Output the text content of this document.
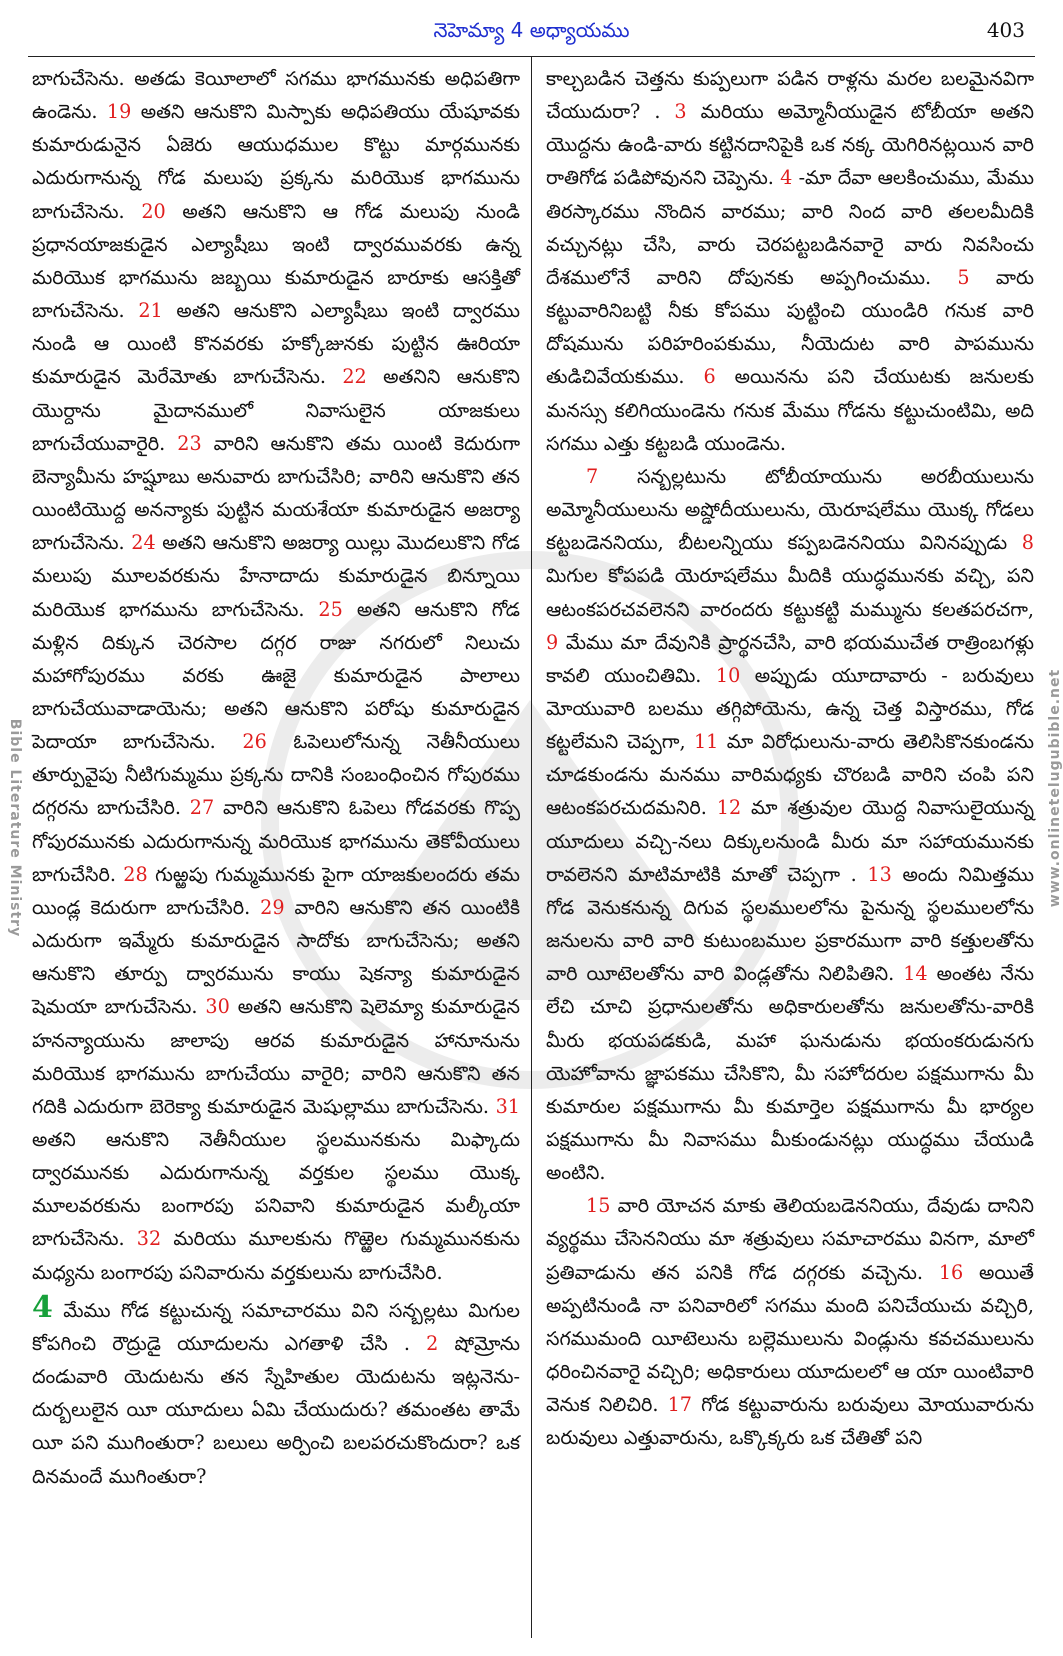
నెహెమ్యా 4 అధ్యాయము	403
Bible Literature Ministry	www.onlinetelugubible.net

బాగుచేసెను. అతడు కెయీలాలో సగము భాగమునకు అధిపతిగా ఉండెను. 19 అతని ఆనుకొని మిస్పాకు అధిపతియు యేషూవకు కుమారుడునైన ఏజెరు ఆయుధముల కొట్టు మార్గమునకు ఎదురుగానున్న గోడ మలుపు ప్రక్కను మరియొక భాగమును బాగుచేసెను. 20 అతని ఆనుకొని ఆ గోడ మలుపు నుండి ప్రధానయాజకుడైన ఎల్యాషీబు ఇంటి ద్వారమువరకు ఉన్న మరియొక భాగమును జబ్బయి కుమారుడైన బారూకు ఆసక్తితో బాగుచేసెను. 21 అతని ఆనుకొని ఎల్యాషీబు ఇంటి ద్వారము నుండి ఆ యింటి కొనవరకు హక్కోజునకు పుట్టిన ఊరియా కుమారుడైన మెరేమోతు బాగుచేసెను. 22 అతనిని ఆనుకొని యొర్దాను మైదానములో నివాసులైన యాజకులు బాగుచేయువారైరి. 23 వారిని ఆనుకొని తమ యింటి కెదురుగా బెన్యామీను హష్షూబు అనువారు బాగుచేసిరి; వారిని ఆనుకొని తన యింటియొద్ద అనన్యాకు పుట్టిన మయశేయా కుమారుడైన అజర్యా బాగుచేసెను. 24 అతని ఆనుకొని అజర్యా యిల్లు మొదలుకొని గోడ మలుపు మూలవరకును హేనాదాదు కుమారుడైన బిన్నూయి మరియొక భాగమును బాగుచేసెను. 25 అతని ఆనుకొని గోడ మళ్లిన దిక్కున చెరసాల దగ్గర రాజు నగరులో నిలుచు మహాగోపురము వరకు ఊజై కుమారుడైన పాలాలు బాగుచేయువాడాయెను; అతని ఆనుకొని పరోషు కుమారుడైన పెదాయా బాగుచేసెను. 26 ఓపెలులోనున్న నెతీనీయులు తూర్పువైపు నీటిగుమ్మము ప్రక్కను దానికి సంబంధించిన గోపురము దగ్గరను బాగుచేసిరి. 27 వారిని ఆనుకొని ఓపెలు గోడవరకు గొప్ప గోపురమునకు ఎదురుగానున్న మరియొక భాగమును తెకోవీయులు బాగుచేసిరి. 28 గుఱ్ఱపు గుమ్మమునకు పైగా యాజకులందరు తమ యిండ్ల కెదురుగా బాగుచేసిరి. 29 వారిని ఆనుకొని తన యింటికి ఎదురుగా ఇమ్మేరు కుమారుడైన సాదోకు బాగుచేసెను; అతని ఆనుకొని తూర్పు ద్వారమును కాయు షెకన్యా కుమారుడైన షెమయా బాగుచేసెను. 30 అతని ఆనుకొని షెలెమ్యా కుమారుడైన హనన్యాయును జాలాపు ఆరవ కుమారుడైన హానూనును మరియొక భాగమును బాగుచేయు వారైరి; వారిని ఆనుకొని తన గదికి ఎదురుగా బెరెక్యా కుమారుడైన మెషుల్లాము బాగుచేసెను. 31 అతని ఆనుకొని నెతీనీయుల స్థలమునకును మిఫ్కాదు ద్వారమునకు ఎదురుగానున్న వర్తకుల స్థలము యొక్క మూలవరకును బంగారపు పనివాని కుమారుడైన మల్కీయా బాగుచేసెను. 32 మరియు మూలకును గొఱ్ఱెల గుమ్మమునకును మధ్యను బంగారపు పనివారును వర్తకులును బాగుచేసిరి.

4 మేము గోడ కట్టుచున్న సమాచారము విని సన్బల్లటు మిగుల కోపగించి రౌద్రుడై యూదులను ఎగతాళి చేసి . 2 షోమ్రోను దండువారి యెదుటను తన స్నేహితుల యెదుటను ఇట్లనెను-దుర్బలులైన యీ యూదులు ఏమి చేయుదురు? తమంతట తామే యీ పని ముగింతురా? బలులు అర్పించి బలపరచుకొందురా? ఒక దినమందే ముగింతురా?

కాల్చబడిన చెత్తను కుప్పలుగా పడిన రాళ్లను మరల బలమైనవిగా చేయుదురా? . 3 మరియు అమ్మోనీయుడైన టోబీయా అతని యొద్దను ఉండి-వారు కట్టినదానిపైకి ఒక నక్క యెగిరినట్లయిన వారి రాతిగోడ పడిపోవునని చెప్పెను. 4 -మా దేవా ఆలకించుము, మేము తిరస్కారము నొందిన వారము; వారి నింద వారి తలలమీదికి వచ్చునట్లు చేసి, వారు చెరపట్టబడినవారై వారు నివసించు దేశములోనే వారిని దోపునకు అప్పగించుము. 5 వారు కట్టువారినిబట్టి నీకు కోపము పుట్టించి యుండిరి గనుక వారి దోషమును పరిహరింపకుము, నీయెదుట వారి పాపమును తుడిచివేయకుము. 6 అయినను పని చేయుటకు జనులకు మనస్సు కలిగియుండెను గనుక మేము గోడను కట్టుచుంటిమి, అది సగము ఎత్తు కట్టబడి యుండెను.

7 సన్బల్లటును టోబీయాయును అరబీయులును అమ్మోనీయులును అష్డోదీయులును, యెరూషలేము యొక్క గోడలు కట్టబడెననియు, బీటలన్నియు కప్పబడెననియు వినినప్పుడు 8 మిగుల కోపపడి యెరూషలేము మీదికి యుద్ధమునకు వచ్చి, పని ఆటంకపరచవలెనని వారందరు కట్టుకట్టి మమ్మును కలతపరచగా, 9 మేము మా దేవునికి ప్రార్థనచేసి, వారి భయముచేత రాత్రింబగళ్లు కావలి యుంచితిమి. 10 అప్పుడు యూదావారు - బరువులు మోయువారి బలము తగ్గిపోయెను, ఉన్న చెత్త విస్తారము, గోడ కట్టలేమని చెప్పగా, 11 మా విరోధులును-వారు తెలిసికొనకుండను చూడకుండను మనము వారిమధ్యకు చొరబడి వారిని చంపి పని ఆటంకపరచుదమనిరి. 12 మా శత్రువుల యొద్ద నివాసులైయున్న యూదులు వచ్చి-నలు దిక్కులనుండి మీరు మా సహాయమునకు రావలెనని మాటిమాటికి మాతో చెప్పగా . 13 అందు నిమిత్తము గోడ వెనుకనున్న దిగువ స్థలములలోను పైనున్న స్థలములలోను జనులను వారి వారి కుటుంబముల ప్రకారముగా వారి కత్తులతోను వారి యీటెలతోను వారి విండ్లతోను నిలిపితిని. 14 అంతట నేను లేచి చూచి ప్రధానులతోను అధికారులతోను జనులతోను-వారికి మీరు భయపడకుడి, మహా ఘనుడును భయంకరుడునగు యెహోవాను జ్ఞాపకము చేసికొని, మీ సహోదరుల పక్షముగాను మీ కుమారుల పక్షముగాను మీ కుమార్తెల పక్షముగాను మీ భార్యల పక్షముగాను మీ నివాసము మీకుండునట్లు యుద్ధము చేయుడి అంటిని.

15 వారి యోచన మాకు తెలియబడెననియు, దేవుడు దానిని వ్యర్థము చేసెననియు మా శత్రువులు సమాచారము వినగా, మాలో ప్రతివాడును తన పనికి గోడ దగ్గరకు వచ్చెను. 16 అయితే అప్పటినుండి నా పనివారిలో సగము మంది పనిచేయుచు వచ్చిరి, సగముమంది యీటెలును బల్లెములును విండ్లును కవచములును ధరించినవారై వచ్చిరి; అధికారులు యూదులలో ఆ యా యింటివారి వెనుక నిలిచిరి. 17 గోడ కట్టువారును బరువులు మోయువారును బరువులు ఎత్తువారును, ఒక్కొక్కరు ఒక చేతితో పని
